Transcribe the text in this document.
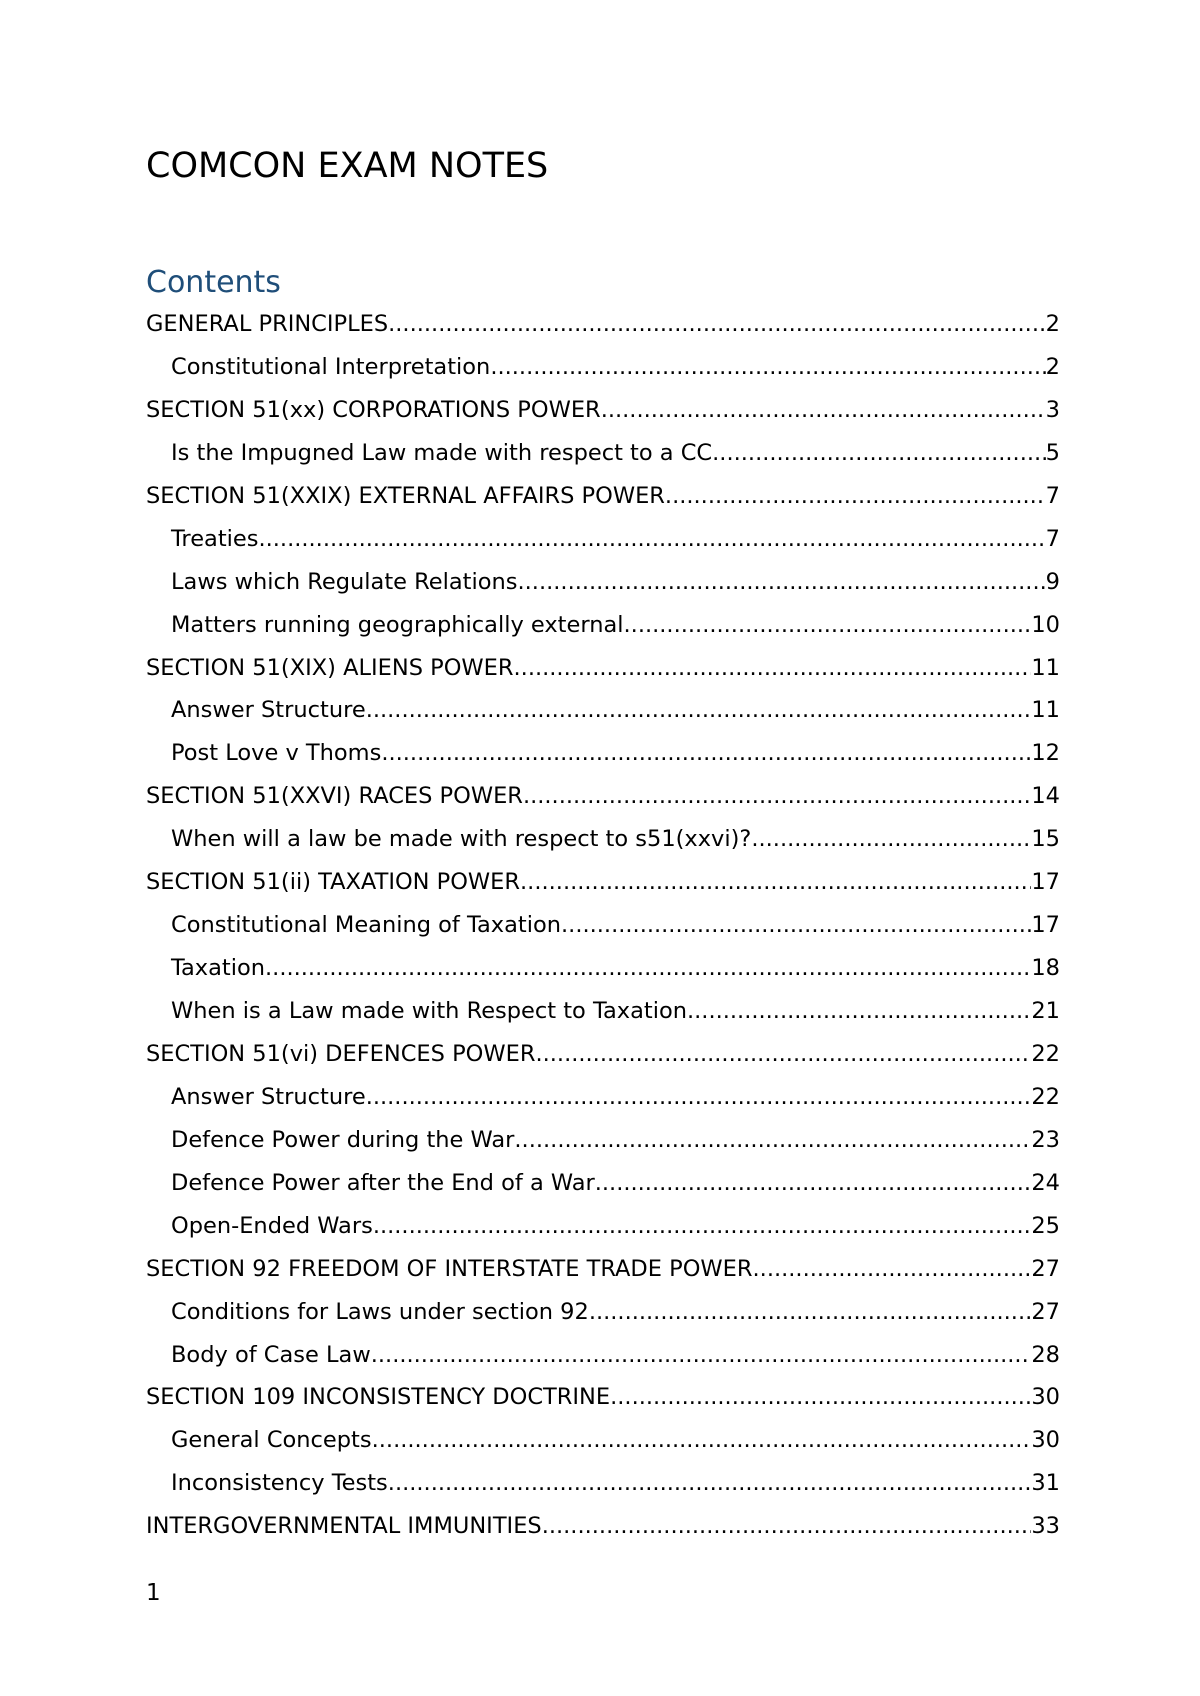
COMCON EXAM NOTES
Contents
GENERAL PRINCIPLES .....	2
Constitutional Interpretation .....	2
SECTION 51(xx) CORPORATIONS POWER .....	3
Is the Impugned Law made with respect to a CC .....	5
SECTION 51(XXIX) EXTERNAL AFFAIRS POWER .....	7
Treaties .....	7
Laws which Regulate Relations .....	9
Matters running geographically external .....	10
SECTION 51(XIX) ALIENS POWER .....	11
Answer Structure .....	11
Post Love v Thoms .....	12
SECTION 51(XXVI) RACES POWER .....	14
When will a law be made with respect to s51(xxvi)? .....	15
SECTION 51(ii) TAXATION POWER .....	17
Constitutional Meaning of Taxation .....	17
Taxation .....	18
When is a Law made with Respect to Taxation .....	21
SECTION 51(vi) DEFENCES POWER .....	22
Answer Structure .....	22
Defence Power during the War .....	23
Defence Power after the End of a War .....	24
Open-Ended Wars .....	25
SECTION 92 FREEDOM OF INTERSTATE TRADE POWER .....	27
Conditions for Laws under section 92 .....	27
Body of Case Law .....	28
SECTION 109 INCONSISTENCY DOCTRINE .....	30
General Concepts .....	30
Inconsistency Tests .....	31
INTERGOVERNMENTAL IMMUNITIES .....	33
1
